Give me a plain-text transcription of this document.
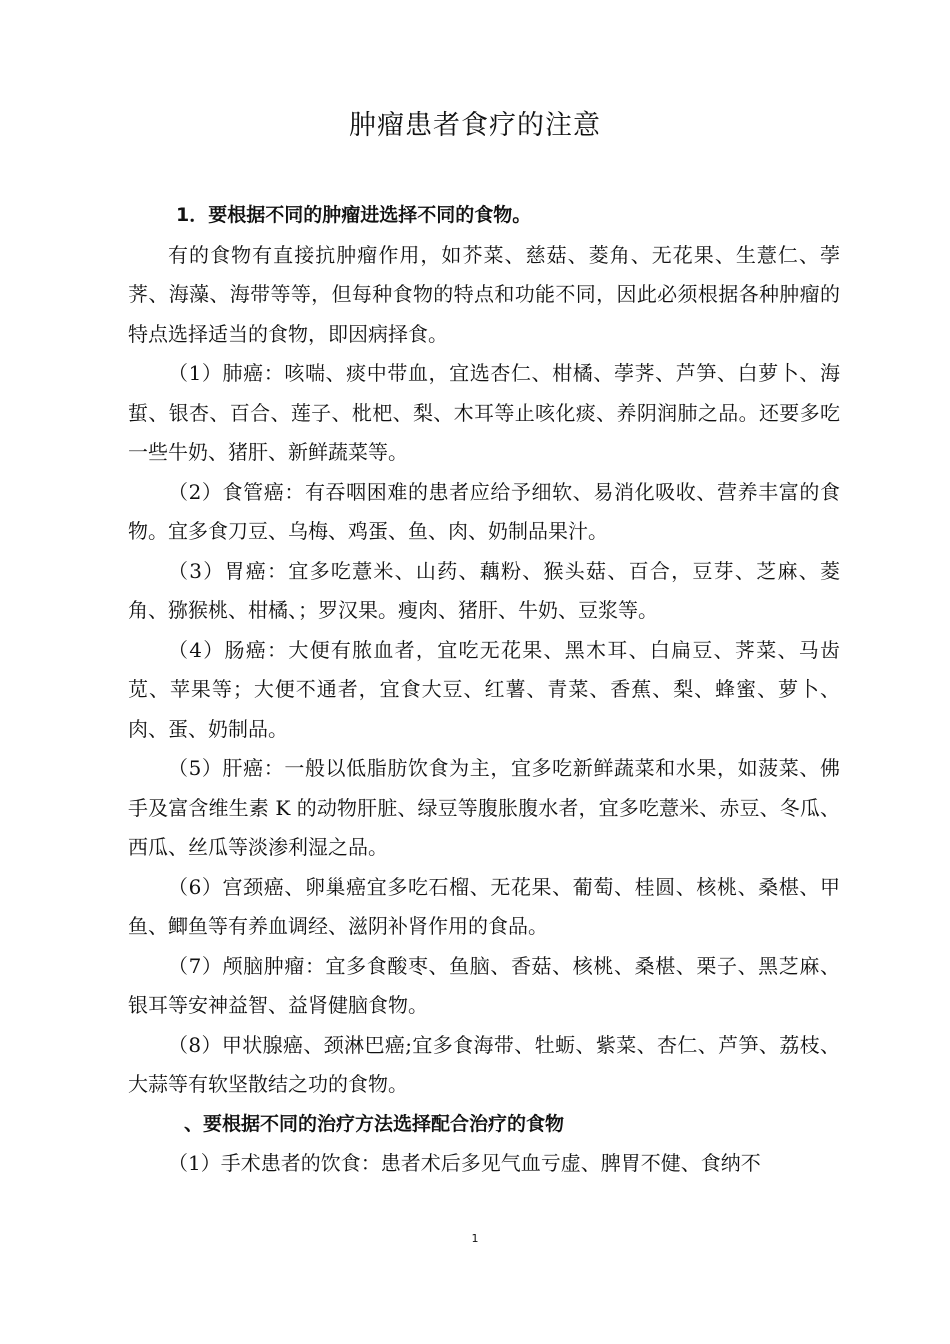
肿瘤患者食疗的注意

1．要根据不同的肿瘤进选择不同的食物。

有的食物有直接抗肿瘤作用，如芥菜、慈菇、菱角、无花果、生薏仁、荸荠、海藻、海带等等，但每种食物的特点和功能不同，因此必须根据各种肿瘤的特点选择适当的食物，即因病择食。

（1）肺癌：咳喘、痰中带血，宜选杏仁、柑橘、荸荠、芦笋、白萝卜、海蜇、银杏、百合、莲子、枇杷、梨、木耳等止咳化痰、养阴润肺之品。还要多吃一些牛奶、猪肝、新鲜蔬菜等。

（2）食管癌：有吞咽困难的患者应给予细软、易消化吸收、营养丰富的食物。宜多食刀豆、乌梅、鸡蛋、鱼、肉、奶制品果汁。

（3）胃癌：宜多吃薏米、山药、藕粉、猴头菇、百合，豆芽、芝麻、菱角、猕猴桃、柑橘、；罗汉果。瘦肉、猪肝、牛奶、豆浆等。

（4）肠癌：大便有脓血者，宜吃无花果、黑木耳、白扁豆、荠菜、马齿苋、苹果等；大便不通者，宜食大豆、红薯、青菜、香蕉、梨、蜂蜜、萝卜、肉、蛋、奶制品。

（5）肝癌：一般以低脂肪饮食为主，宜多吃新鲜蔬菜和水果，如菠菜、佛手及富含维生素 K 的动物肝脏、绿豆等腹胀腹水者，宜多吃薏米、赤豆、冬瓜、西瓜、丝瓜等淡渗利湿之品。

（6）宫颈癌、卵巢癌宜多吃石榴、无花果、葡萄、桂圆、核桃、桑椹、甲鱼、鲫鱼等有养血调经、滋阴补肾作用的食品。

（7）颅脑肿瘤：宜多食酸枣、鱼脑、香菇、核桃、桑椹、栗子、黑芝麻、银耳等安神益智、益肾健脑食物。

（8）甲状腺癌、颈淋巴癌;宜多食海带、牡蛎、紫菜、杏仁、芦笋、荔枝、大蒜等有软坚散结之功的食物。

、要根据不同的治疗方法选择配合治疗的食物

（1）手术患者的饮食：患者术后多见气血亏虚、脾胃不健、食纳不

1
